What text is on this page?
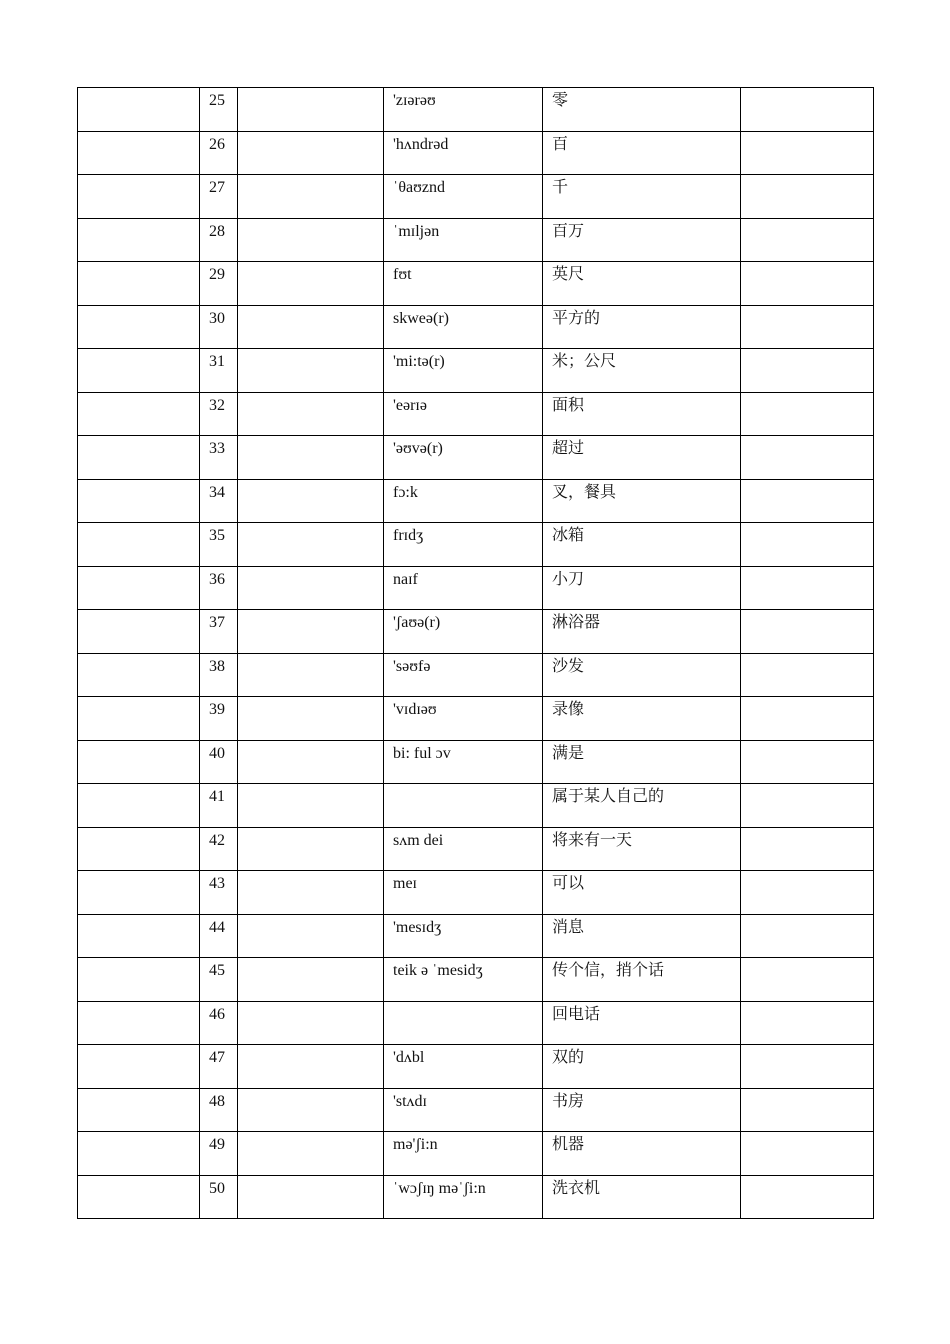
	25		'zɪərəʊ	零	
	26		'hʌndrəd	百	
	27		ˈθaʊznd	千	
	28		ˈmɪljən	百万	
	29		fʊt	英尺	
	30		skweə(r)	平方的	
	31		'mi:tə(r)	米；公尺	
	32		'eərɪə	面积	
	33		'əʊvə(r)	超过	
	34		fɔ:k	叉，餐具	
	35		frɪdʒ	冰箱	
	36		naɪf	小刀	
	37		'ʃaʊə(r)	淋浴器	
	38		'səʊfə	沙发	
	39		'vɪdɪəʊ	录像	
	40		bi: ful ɔv	满是	
	41			属于某人自己的	
	42		sʌm dei	将来有一天	
	43		meɪ	可以	
	44		'mesɪdʒ	消息	
	45		teik ə ˈmesidʒ	传个信，捎个话	
	46			回电话	
	47		'dʌbl	双的	
	48		'stʌdɪ	书房	
	49		mə'ʃi:n	机器	
	50		ˈwɔʃɪŋ məˈʃi:n	洗衣机	
